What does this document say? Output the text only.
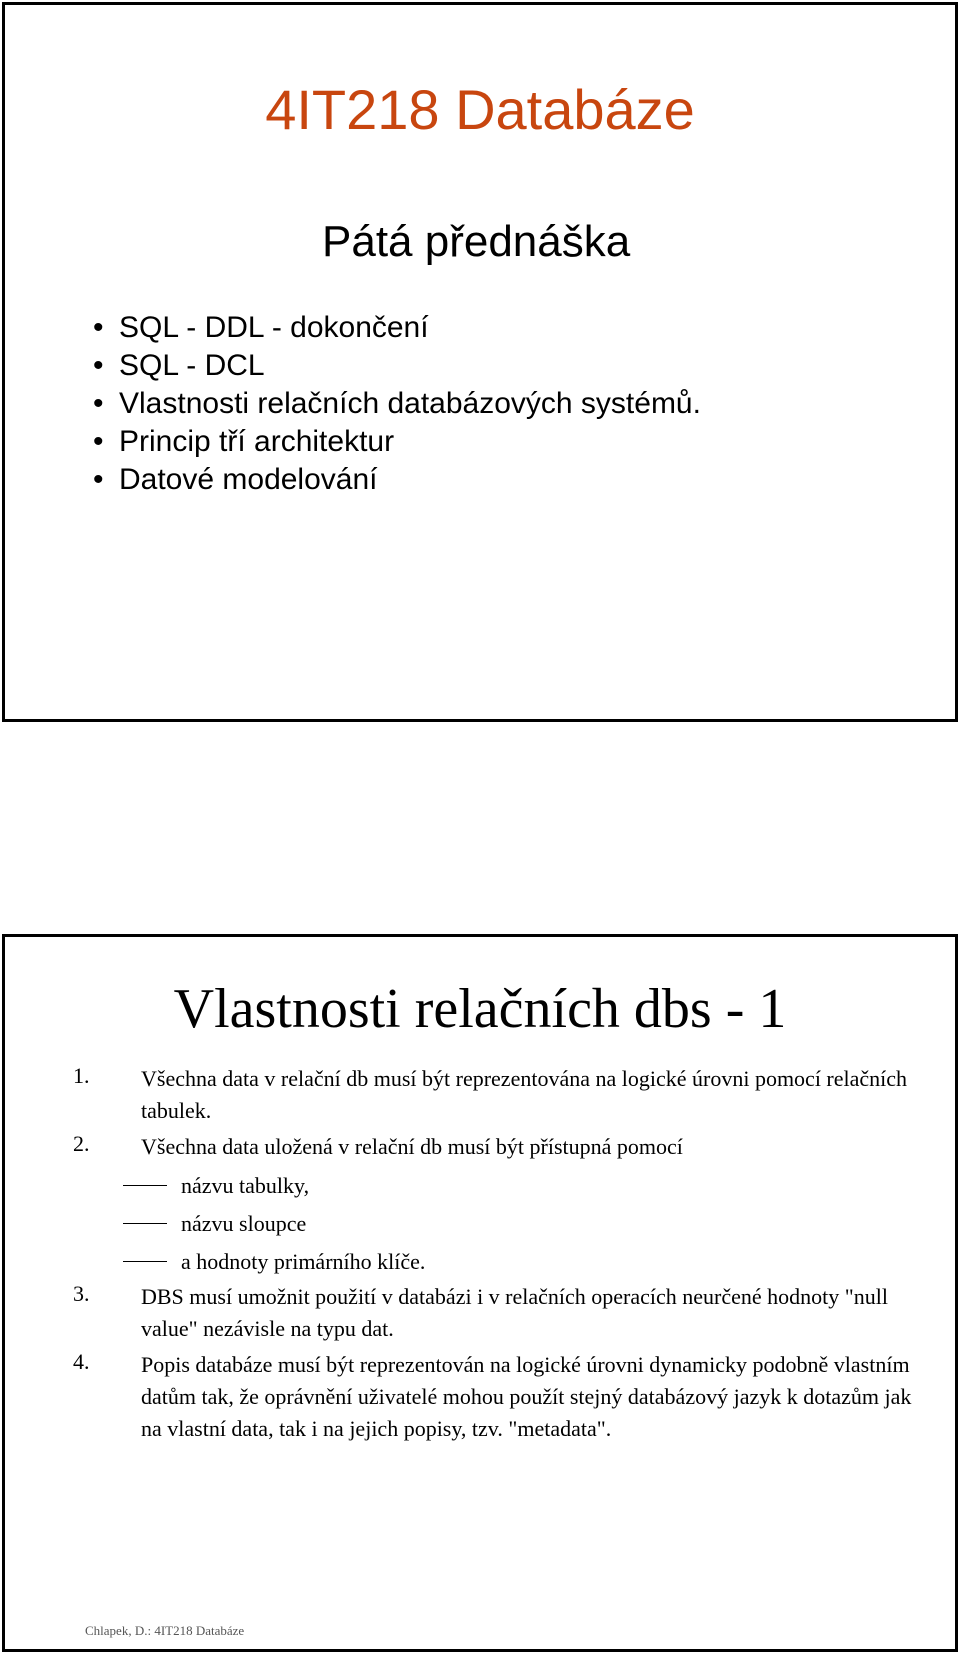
4IT218 Databáze
Pátá přednáška
• SQL - DDL - dokončení
• SQL - DCL
• Vlastnosti relačních databázových systémů.
• Princip tří architektur
• Datové modelování
Vlastnosti relačních dbs - 1
1.	Všechna data v relační db musí být reprezentována na logické úrovni pomocí relačních tabulek.
2.	Všechna data uložená v relační db musí být přístupná pomocí
názvu tabulky,
názvu sloupce
a hodnoty primárního klíče.
3.	DBS musí umožnit použití v databázi i v relačních operacích neurčené hodnoty "null value" nezávisle na typu dat.
4.	Popis databáze musí být reprezentován na logické úrovni dynamicky podobně vlastním datům tak, že oprávnění uživatelé mohou použít stejný databázový jazyk k dotazům jak na vlastní data, tak i na jejich popisy, tzv. "metadata".
Chlapek, D.: 4IT218 Databáze
